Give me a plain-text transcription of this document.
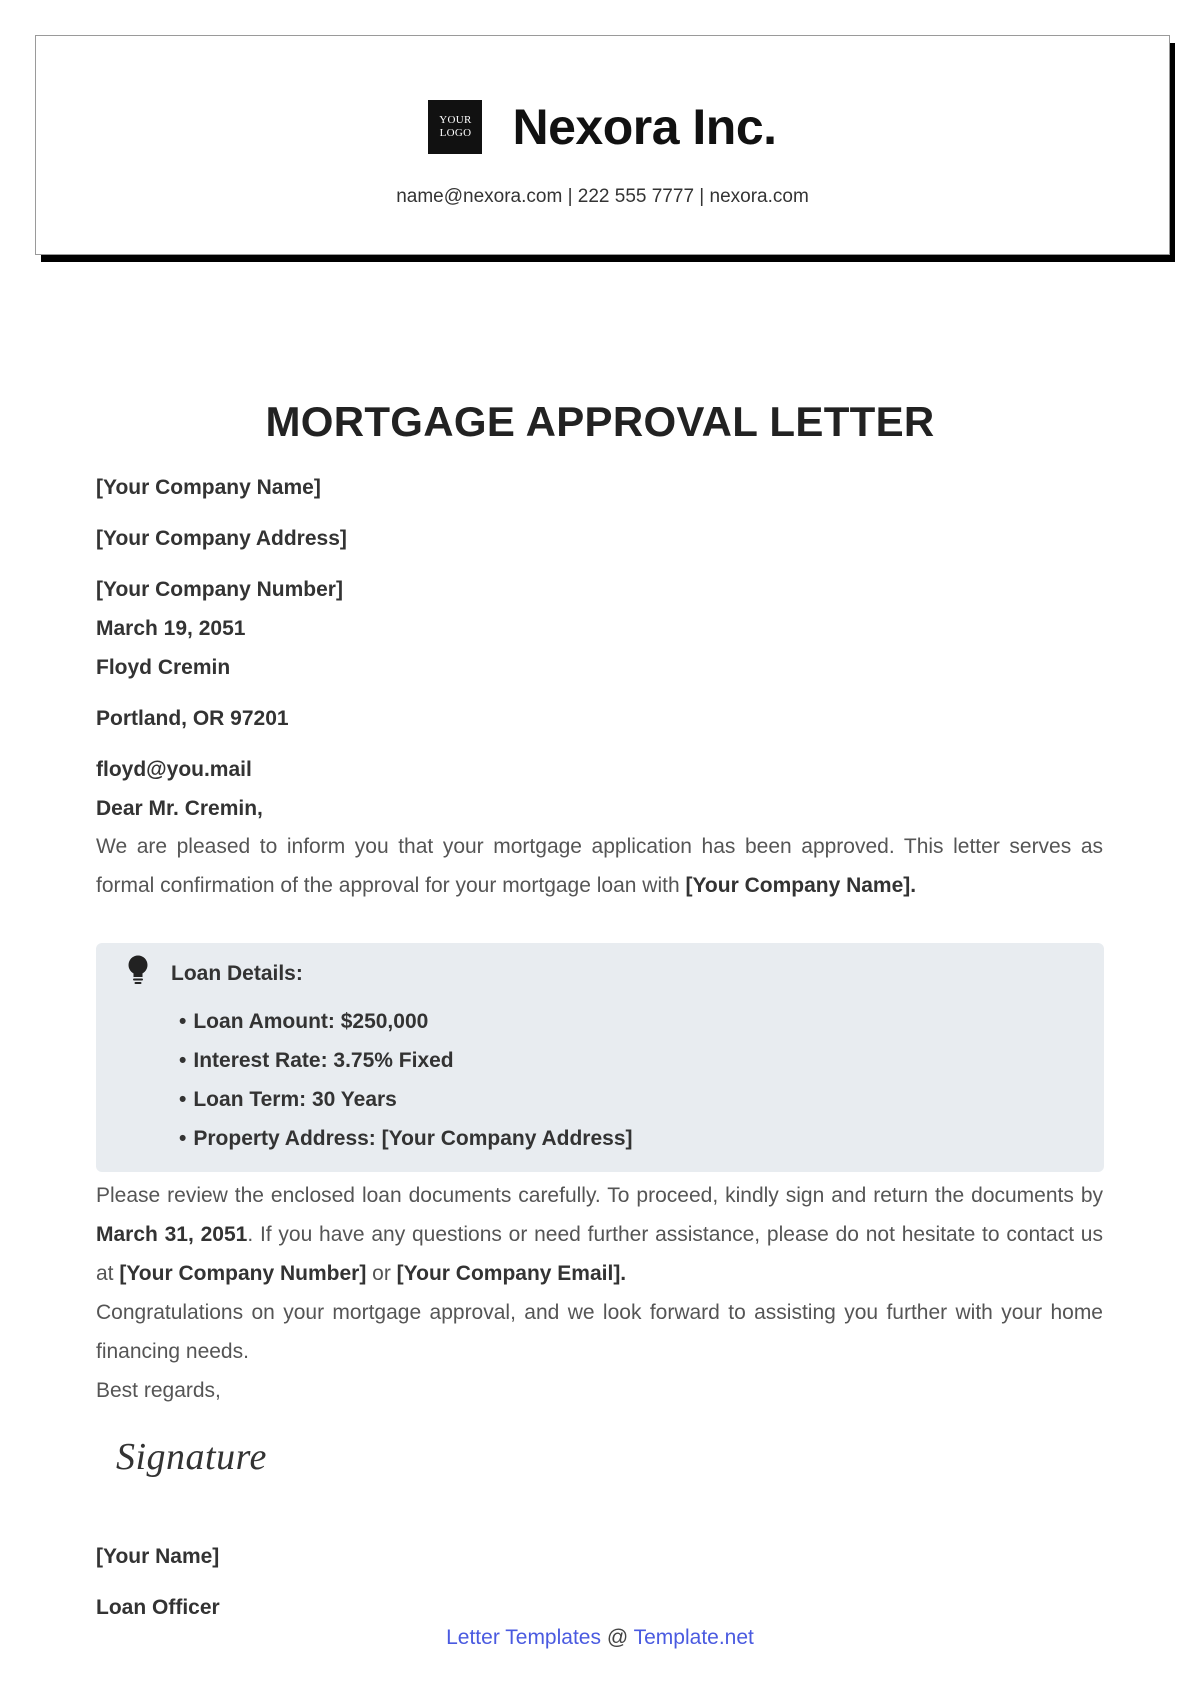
YOUR
LOGO Nexora Inc.
name@nexora.com | 222 555 7777 | nexora.com
MORTGAGE APPROVAL LETTER
[Your Company Name]
[Your Company Address]
[Your Company Number]
March 19, 2051
Floyd Cremin
Portland, OR 97201
floyd@you.mail
Dear Mr. Cremin,

We are pleased to inform you that your mortgage application has been approved. This letter serves as formal confirmation of the approval for your mortgage loan with [Your Company Name].

Loan Details:
• Loan Amount: $250,000
• Interest Rate: 3.75% Fixed
• Loan Term: 30 Years
• Property Address: [Your Company Address]

Please review the enclosed loan documents carefully. To proceed, kindly sign and return the documents by March 31, 2051. If you have any questions or need further assistance, please do not hesitate to contact us at [Your Company Number] or [Your Company Email].

Congratulations on your mortgage approval, and we look forward to assisting you further with your home financing needs.

Best regards,

Signature
[Your Name]
Loan Officer
Letter Templates @ Template.net
